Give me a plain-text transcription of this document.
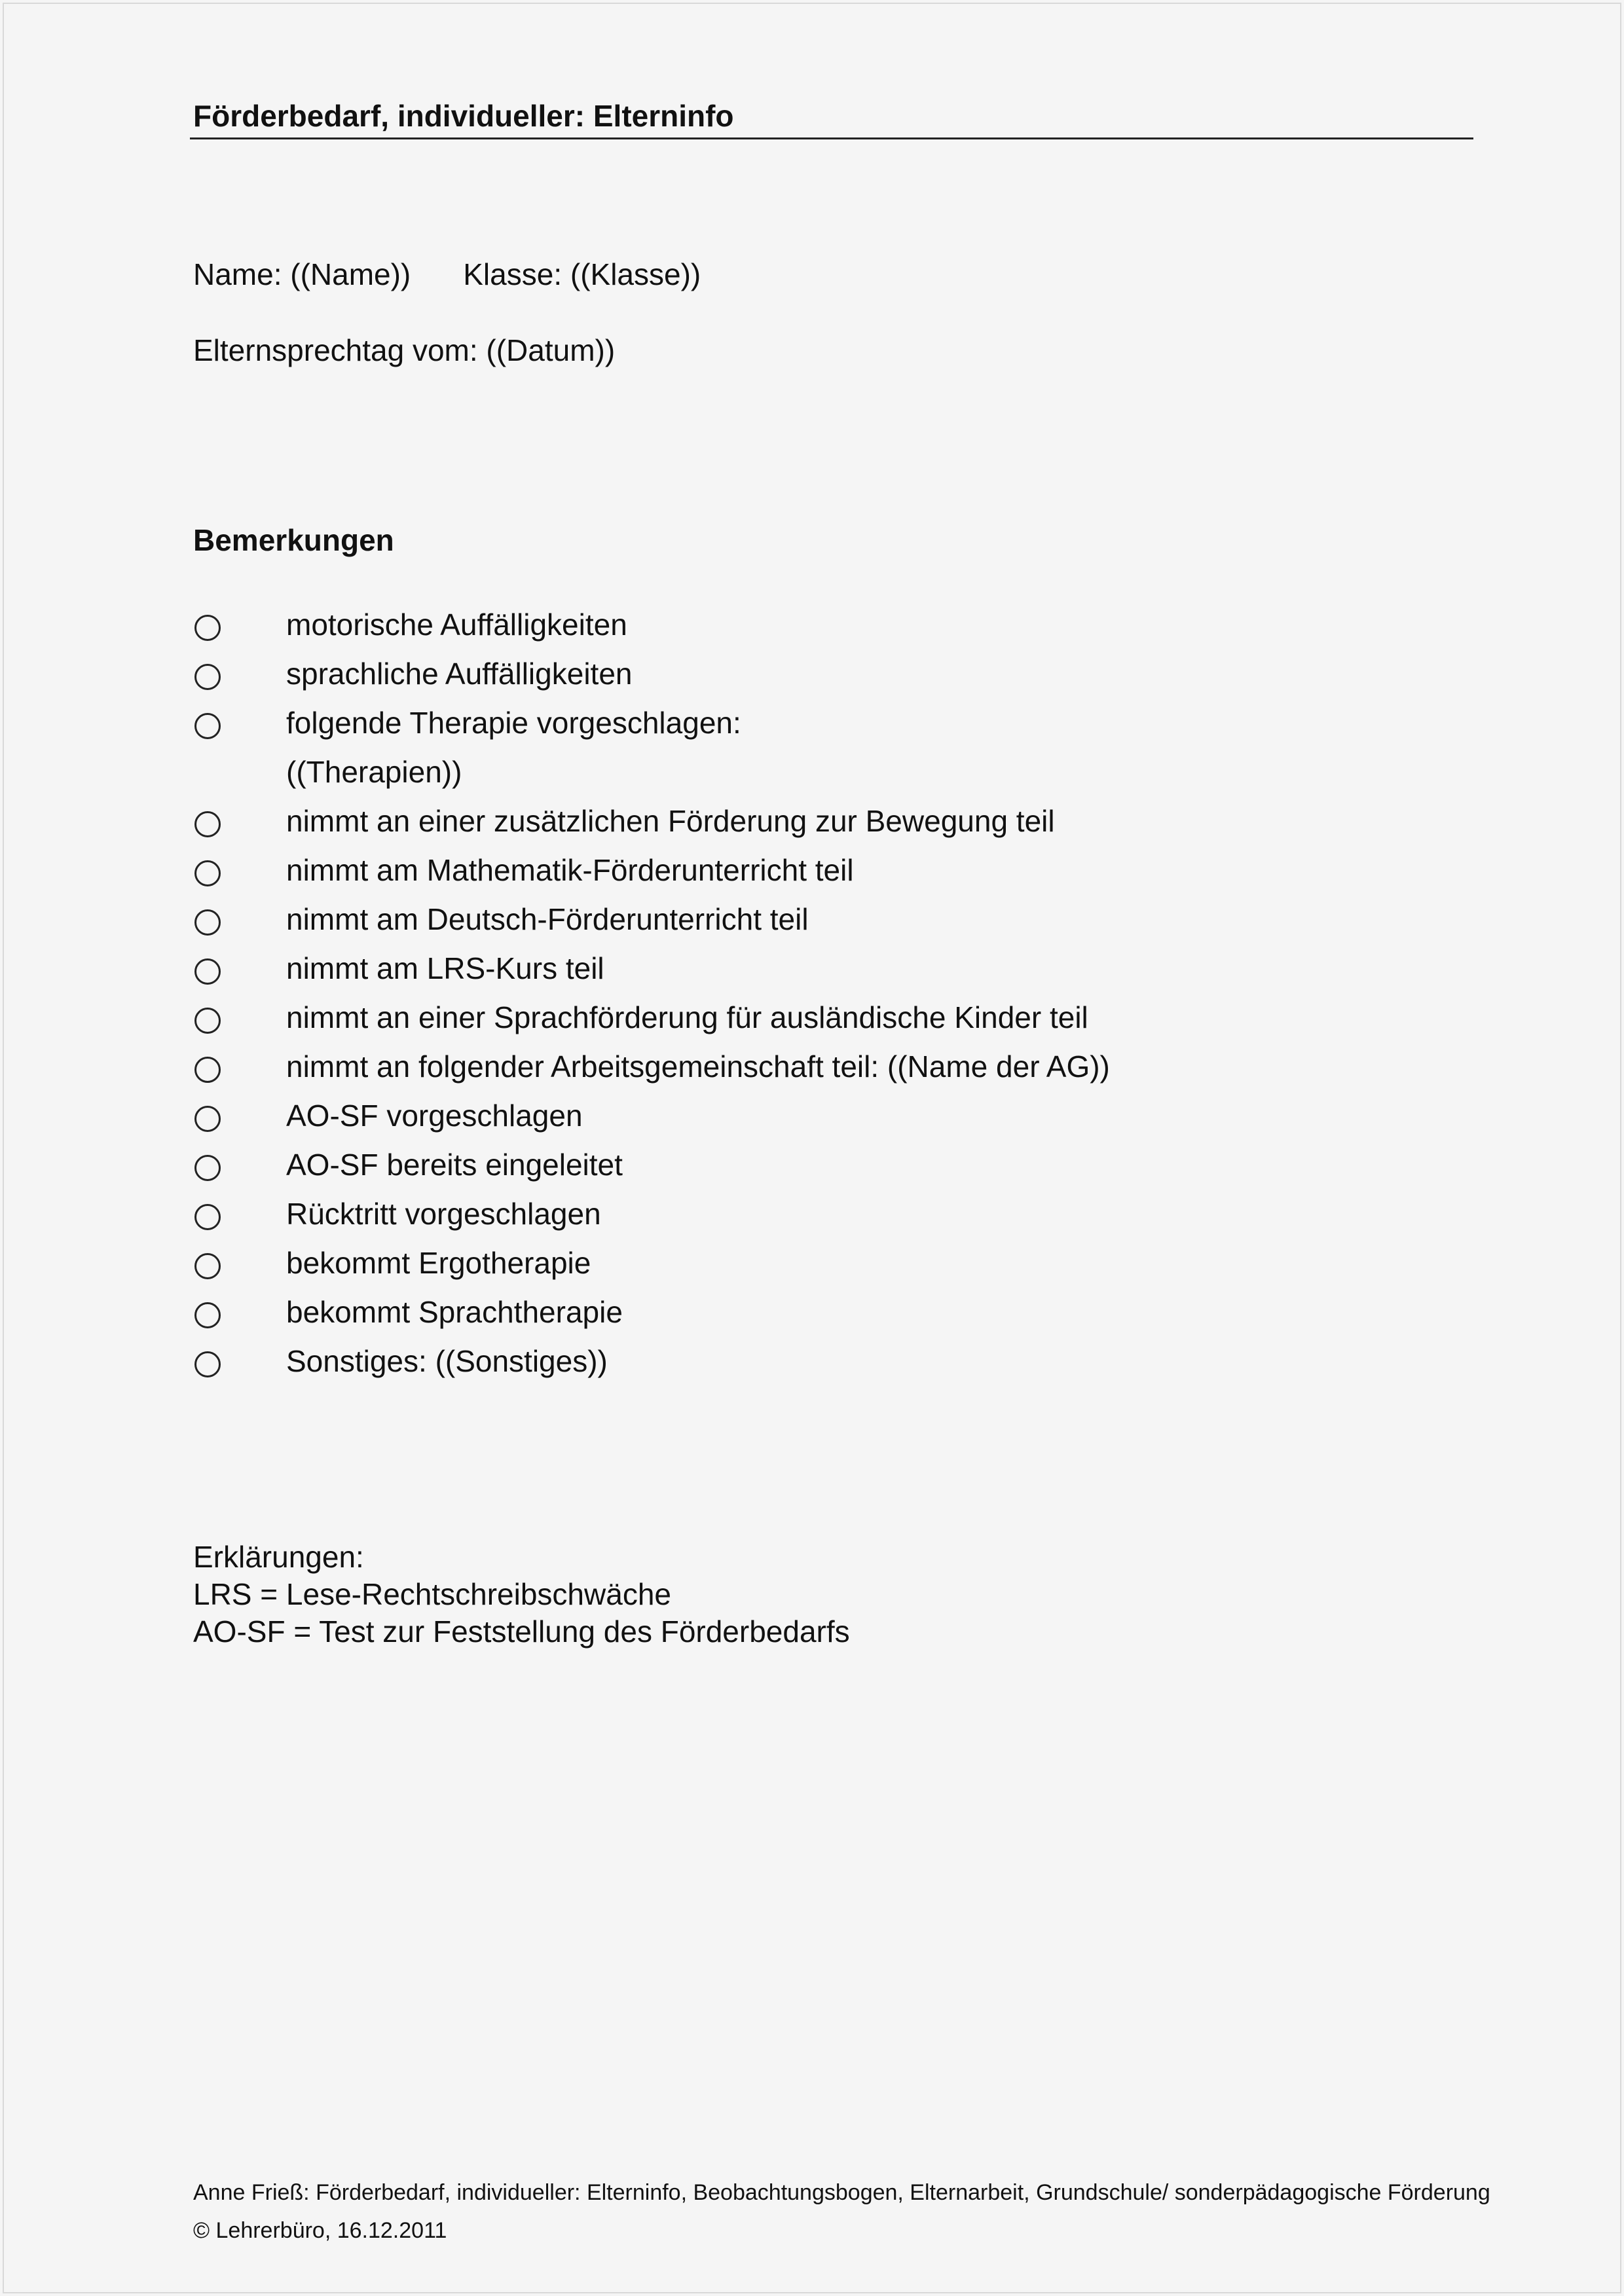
Förderbedarf, individueller: Elterninfo
Name: ((Name)) Klasse: ((Klasse))
Elternsprechtag vom: ((Datum))
Bemerkungen
motorische Auffälligkeiten
sprachliche Auffälligkeiten
folgende Therapie vorgeschlagen:
((Therapien))
nimmt an einer zusätzlichen Förderung zur Bewegung teil
nimmt am Mathematik-Förderunterricht teil
nimmt am Deutsch-Förderunterricht teil
nimmt am LRS-Kurs teil
nimmt an einer Sprachförderung für ausländische Kinder teil
nimmt an folgender Arbeitsgemeinschaft teil: ((Name der AG))
AO-SF vorgeschlagen
AO-SF bereits eingeleitet
Rücktritt vorgeschlagen
bekommt Ergotherapie
bekommt Sprachtherapie
Sonstiges: ((Sonstiges))
Erklärungen:
LRS = Lese-Rechtschreibschwäche
AO-SF = Test zur Feststellung des Förderbedarfs
Anne Frieß: Förderbedarf, individueller: Elterninfo, Beobachtungsbogen, Elternarbeit, Grundschule/ sonderpädagogische Förderung
© Lehrerbüro, 16.12.2011
